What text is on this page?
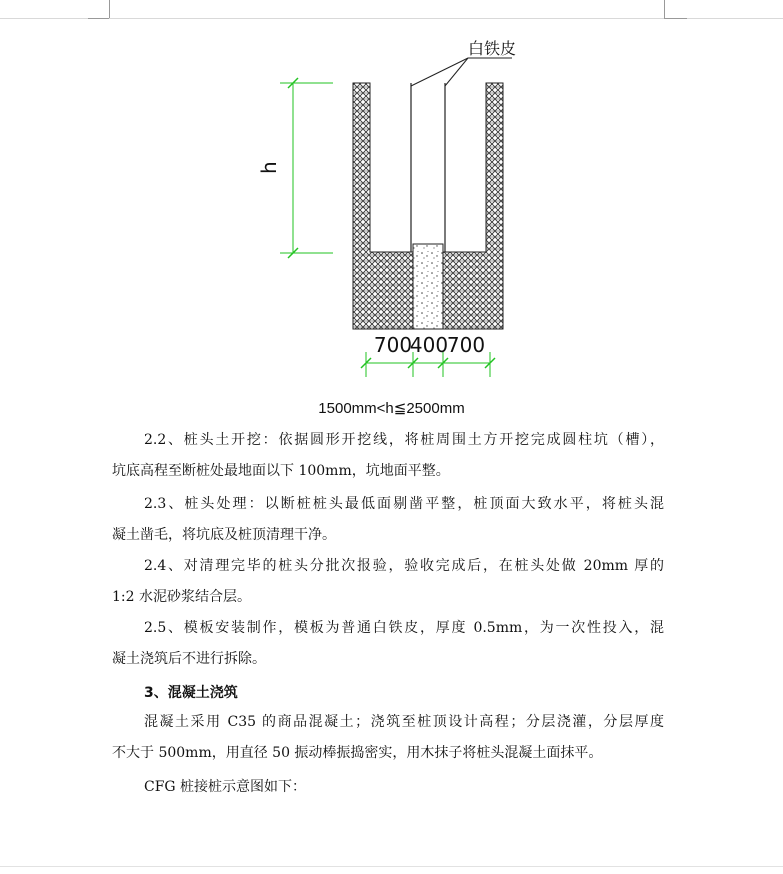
白铁皮
h
700
400
700
1500mm<h≦2500mm
2.2、桩头土开挖：依据圆形开挖线，将桩周围土方开挖完成圆柱坑（槽），
坑底高程至断桩处最地面以下 100mm，坑地面平整。
2.3、桩头处理：以断桩桩头最低面剔凿平整，桩顶面大致水平，将桩头混
凝土凿毛，将坑底及桩顶清理干净。
2.4、对清理完毕的桩头分批次报验，验收完成后，在桩头处做 20mm 厚的
1:2 水泥砂浆结合层。
2.5、模板安装制作，模板为普通白铁皮，厚度 0.5mm，为一次性投入，混
凝土浇筑后不进行拆除。
3、混凝土浇筑
混凝土采用 C35 的商品混凝土；浇筑至桩顶设计高程；分层浇灌，分层厚度
不大于 500mm，用直径 50 振动棒振捣密实，用木抹子将桩头混凝土面抹平。
CFG 桩接桩示意图如下：
